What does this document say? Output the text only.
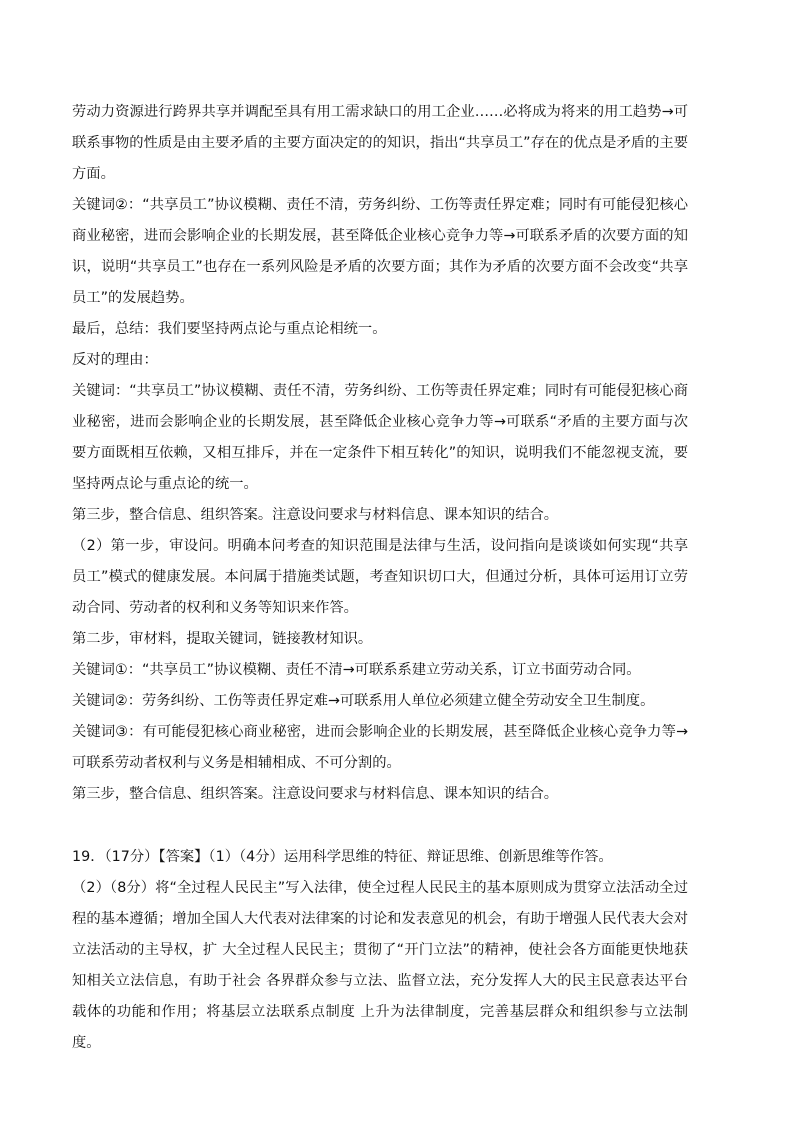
劳动力资源进行跨界共享并调配至具有用工需求缺口的用工企业……必将成为将来的用工趋势→可联系事物的性质是由主要矛盾的主要方面决定的的知识，指出“共享员工”存在的优点是矛盾的主要方面。

关键词②：“共享员工”协议模糊、责任不清，劳务纠纷、工伤等责任界定难；同时有可能侵犯核心商业秘密，进而会影响企业的长期发展，甚至降低企业核心竞争力等→可联系矛盾的次要方面的知识，说明“共享员工”也存在一系列风险是矛盾的次要方面；其作为矛盾的次要方面不会改变“共享员工”的发展趋势。

最后，总结：我们要坚持两点论与重点论相统一。

反对的理由：

关键词：“共享员工”协议模糊、责任不清，劳务纠纷、工伤等责任界定难；同时有可能侵犯核心商业秘密，进而会影响企业的长期发展，甚至降低企业核心竞争力等→可联系“矛盾的主要方面与次要方面既相互依赖，又相互排斥，并在一定条件下相互转化”的知识，说明我们不能忽视支流，要坚持两点论与重点论的统一。

第三步，整合信息、组织答案。注意设问要求与材料信息、课本知识的结合。

（2）第一步，审设问。明确本问考查的知识范围是法律与生活，设问指向是谈谈如何实现“共享员工”模式的健康发展。本问属于措施类试题，考查知识切口大，但通过分析，具体可运用订立劳动合同、劳动者的权利和义务等知识来作答。

第二步，审材料，提取关键词，链接教材知识。

关键词①：“共享员工”协议模糊、责任不清→可联系系建立劳动关系，订立书面劳动合同。

关键词②：劳务纠纷、工伤等责任界定难→可联系用人单位必须建立健全劳动安全卫生制度。

关键词③：有可能侵犯核心商业秘密，进而会影响企业的长期发展，甚至降低企业核心竞争力等→可联系劳动者权利与义务是相辅相成、不可分割的。

第三步，整合信息、组织答案。注意设问要求与材料信息、课本知识的结合。

19．（17分）【答案】（1）（4分）运用科学思维的特征、辩证思维、创新思维等作答。

（2）（8分）将“全过程人民民主”写入法律，使全过程人民民主的基本原则成为贯穿立法活动全过程的基本遵循；增加全国人大代表对法律案的讨论和发表意见的机会，有助于增强人民代表大会对立法活动的主导权，扩 大全过程人民民主；贯彻了“开门立法”的精神，使社会各方面能更快地获知相关立法信息，有助于社会 各界群众参与立法、监督立法，充分发挥人大的民主民意表达平台载体的功能和作用；将基层立法联系点制度 上升为法律制度，完善基层群众和组织参与立法制度。
